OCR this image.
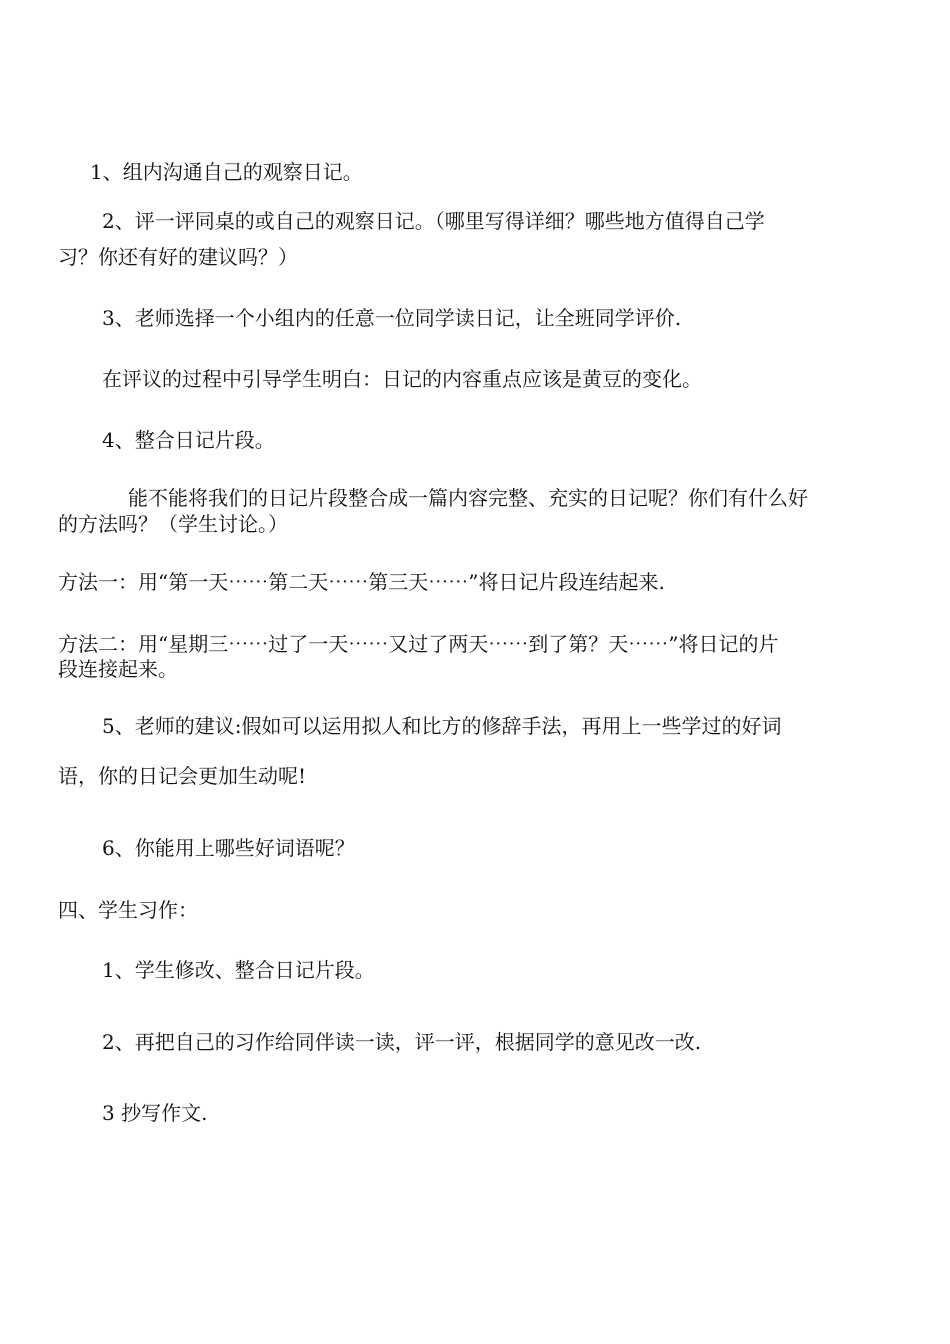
1、组内沟通自己的观察日记。
2、评一评同桌的或自己的观察日记。（哪里写得详细？哪些地方值得自己学
习？你还有好的建议吗？）
3、老师选择一个小组内的任意一位同学读日记，让全班同学评价.
在评议的过程中引导学生明白：日记的内容重点应该是黄豆的变化。
4、整合日记片段。
能不能将我们的日记片段整合成一篇内容完整、充实的日记呢？你们有什么好
的方法吗？（学生讨论。）
方法一：用“第一天⋯⋯第二天⋯⋯第三天⋯⋯”将日记片段连结起来.
方法二：用“星期三⋯⋯过了一天⋯⋯又过了两天⋯⋯到了第？天⋯⋯”将日记的片
段连接起来。
5、老师的建议:假如可以运用拟人和比方的修辞手法，再用上一些学过的好词
语，你的日记会更加生动呢!
6、你能用上哪些好词语呢？
四、学生习作：
1、学生修改、整合日记片段。
2、再把自己的习作给同伴读一读，评一评，根据同学的意见改一改.
3 抄写作文.
